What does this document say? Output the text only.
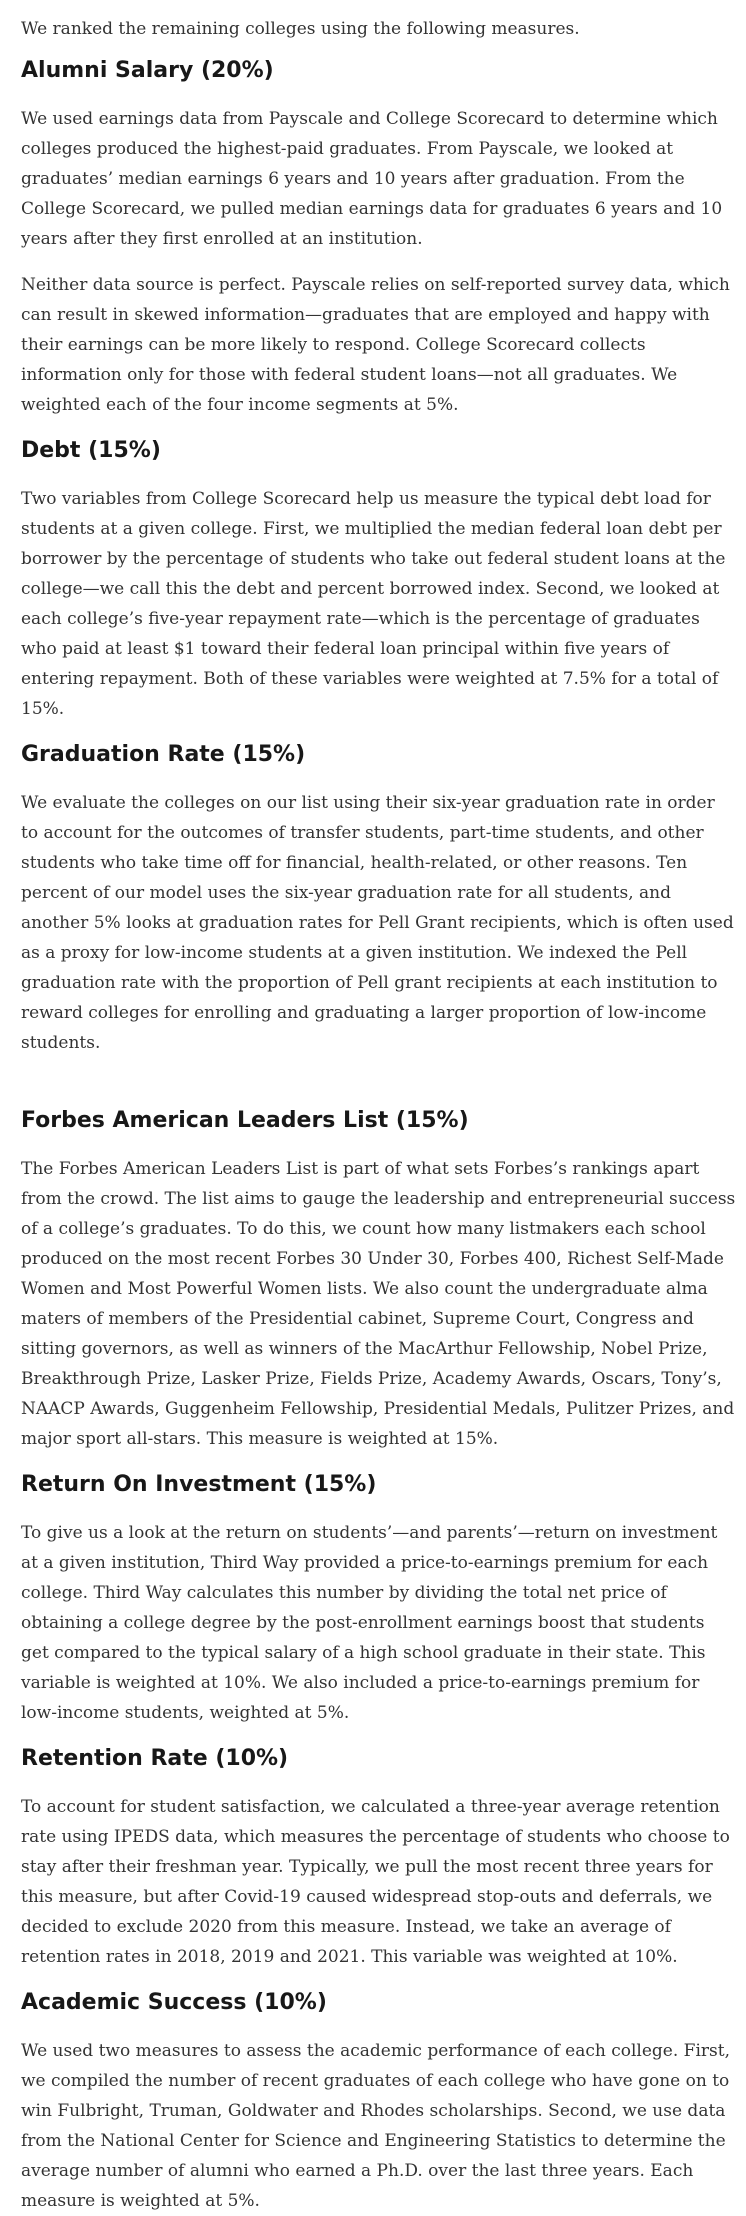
We ranked the remaining colleges using the following measures.

Alumni Salary (20%)

We used earnings data from Payscale and College Scorecard to determine which colleges produced the highest-paid graduates. From Payscale, we looked at graduates’ median earnings 6 years and 10 years after graduation. From the College Scorecard, we pulled median earnings data for graduates 6 years and 10 years after they first enrolled at an institution.

Neither data source is perfect. Payscale relies on self-reported survey data, which can result in skewed information—graduates that are employed and happy with their earnings can be more likely to respond. College Scorecard collects information only for those with federal student loans—not all graduates. We weighted each of the four income segments at 5%.

Debt (15%)

Two variables from College Scorecard help us measure the typical debt load for students at a given college. First, we multiplied the median federal loan debt per borrower by the percentage of students who take out federal student loans at the college—we call this the debt and percent borrowed index. Second, we looked at each college’s five-year repayment rate—which is the percentage of graduates who paid at least $1 toward their federal loan principal within five years of entering repayment. Both of these variables were weighted at 7.5% for a total of 15%.

Graduation Rate (15%)

We evaluate the colleges on our list using their six-year graduation rate in order to account for the outcomes of transfer students, part-time students, and other students who take time off for financial, health-related, or other reasons. Ten percent of our model uses the six-year graduation rate for all students, and another 5% looks at graduation rates for Pell Grant recipients, which is often used as a proxy for low-income students at a given institution. We indexed the Pell graduation rate with the proportion of Pell grant recipients at each institution to reward colleges for enrolling and graduating a larger proportion of low-income students.

Forbes American Leaders List (15%)

The Forbes American Leaders List is part of what sets Forbes’s rankings apart from the crowd. The list aims to gauge the leadership and entrepreneurial success of a college’s graduates. To do this, we count how many listmakers each school produced on the most recent Forbes 30 Under 30, Forbes 400, Richest Self-Made Women and Most Powerful Women lists. We also count the undergraduate alma maters of members of the Presidential cabinet, Supreme Court, Congress and sitting governors, as well as winners of the MacArthur Fellowship, Nobel Prize, Breakthrough Prize, Lasker Prize, Fields Prize, Academy Awards, Oscars, Tony’s, NAACP Awards, Guggenheim Fellowship, Presidential Medals, Pulitzer Prizes, and major sport all-stars. This measure is weighted at 15%.

Return On Investment (15%)

To give us a look at the return on students’—and parents’—return on investment at a given institution, Third Way provided a price-to-earnings premium for each college. Third Way calculates this number by dividing the total net price of obtaining a college degree by the post-enrollment earnings boost that students get compared to the typical salary of a high school graduate in their state. This variable is weighted at 10%. We also included a price-to-earnings premium for low-income students, weighted at 5%.

Retention Rate (10%)

To account for student satisfaction, we calculated a three-year average retention rate using IPEDS data, which measures the percentage of students who choose to stay after their freshman year. Typically, we pull the most recent three years for this measure, but after Covid-19 caused widespread stop-outs and deferrals, we decided to exclude 2020 from this measure. Instead, we take an average of retention rates in 2018, 2019 and 2021. This variable was weighted at 10%.

Academic Success (10%)

We used two measures to assess the academic performance of each college. First, we compiled the number of recent graduates of each college who have gone on to win Fulbright, Truman, Goldwater and Rhodes scholarships. Second, we use data from the National Center for Science and Engineering Statistics to determine the average number of alumni who earned a Ph.D. over the last three years. Each measure is weighted at 5%.
